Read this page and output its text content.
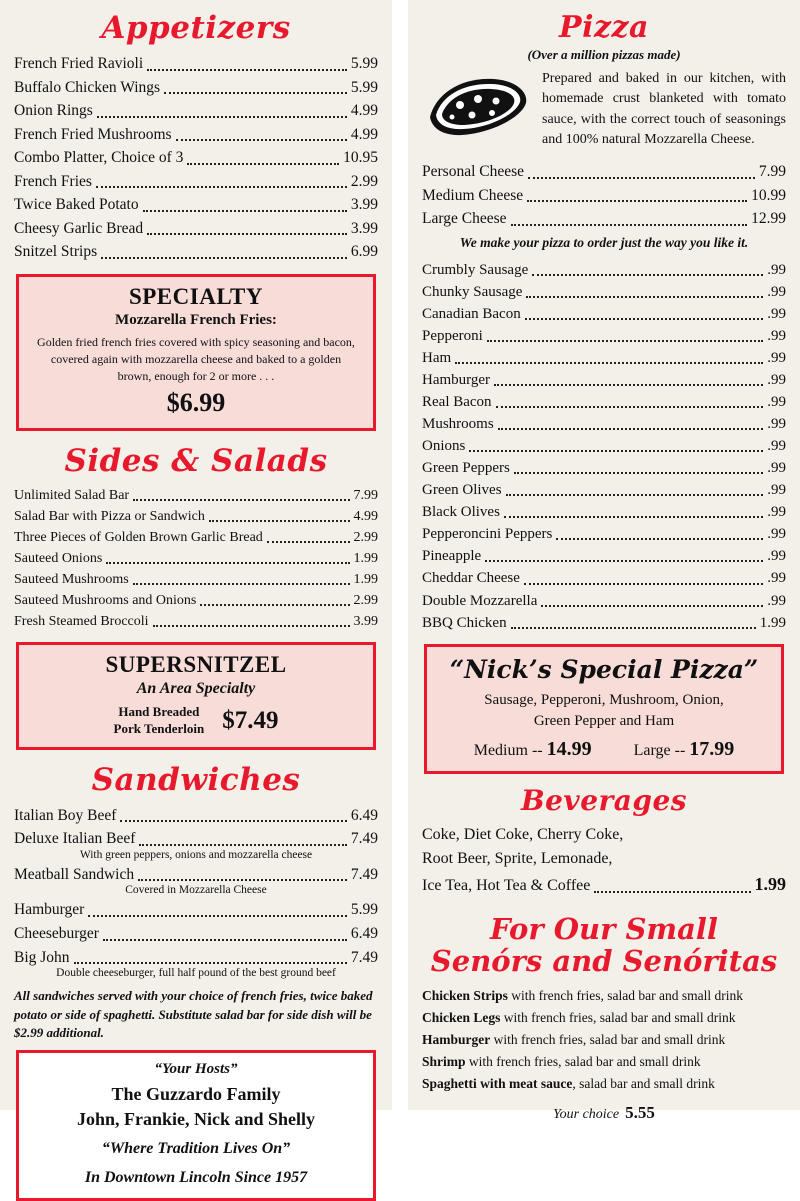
Appetizers
French Fried Ravioli	5.99
Buffalo Chicken Wings	5.99
Onion Rings	4.99
French Fried Mushrooms	4.99
Combo Platter, Choice of 3	10.95
French Fries	2.99
Twice Baked Potato	3.99
Cheesy Garlic Bread	3.99
Snitzel Strips	6.99
SPECIALTY
Mozzarella French Fries:
Golden fried french fries covered with spicy seasoning and bacon, covered again with mozzarella cheese and baked to a golden brown, enough for 2 or more . . .
$6.99
Sides & Salads
Unlimited Salad Bar	7.99
Salad Bar with Pizza or Sandwich	4.99
Three Pieces of Golden Brown Garlic Bread	2.99
Sauteed Onions	1.99
Sauteed Mushrooms	1.99
Sauteed Mushrooms and Onions	2.99
Fresh Steamed Broccoli	3.99
SUPERSNITZEL
An Area Specialty
Hand Breaded
Pork Tenderloin $7.49
Sandwiches
Italian Boy Beef	6.49
Deluxe Italian Beef	7.49
With green peppers, onions and mozzarella cheese
Meatball Sandwich	7.49
Covered in Mozzarella Cheese
Hamburger	5.99
Cheeseburger	6.49
Big John	7.49
Double cheeseburger, full half pound of the best ground beef
All sandwiches served with your choice of french fries, twice baked potato or side of spaghetti. Substitute salad bar for side dish will be $2.99 additional.
“Your Hosts”
The Guzzardo Family
John, Frankie, Nick and Shelly
“Where Tradition Lives On”
In Downtown Lincoln Since 1957
Pizza
(Over a million pizzas made)
Prepared and baked in our kitchen, with homemade crust blanketed with tomato sauce, with the correct touch of seasonings and 100% natural Mozzarella Cheese.
Personal Cheese	7.99
Medium Cheese	10.99
Large Cheese	12.99
We make your pizza to order just the way you like it.
Crumbly Sausage	.99
Chunky Sausage	.99
Canadian Bacon	.99
Pepperoni	.99
Ham	.99
Hamburger	.99
Real Bacon	.99
Mushrooms	.99
Onions	.99
Green Peppers	.99
Green Olives	.99
Black Olives	.99
Pepperoncini Peppers	.99
Pineapple	.99
Cheddar Cheese	.99
Double Mozzarella	.99
BBQ Chicken	1.99
“Nick’s Special Pizza”
Sausage, Pepperoni, Mushroom, Onion,
Green Pepper and Ham
Medium -- 14.99	Large -- 17.99
Beverages
Coke, Diet Coke, Cherry Coke,
Root Beer, Sprite, Lemonade,
Ice Tea, Hot Tea & Coffee	1.99
For Our Small
Senórs and Senóritas
Chicken Strips with french fries, salad bar and small drink
Chicken Legs with french fries, salad bar and small drink
Hamburger with french fries, salad bar and small drink
Shrimp with french fries, salad bar and small drink
Spaghetti with meat sauce, salad bar and small drink
Your choice 5.55
